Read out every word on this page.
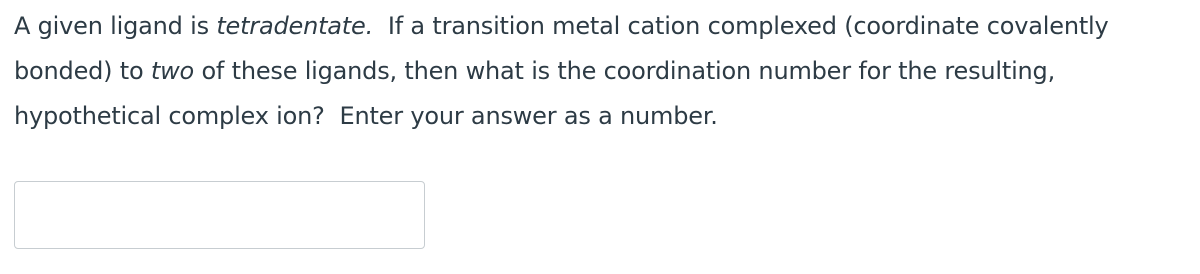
A given ligand is tetradentate.  If a transition metal cation complexed (coordinate covalently bonded) to two of these ligands, then what is the coordination number for the resulting, hypothetical complex ion?  Enter your answer as a number.
